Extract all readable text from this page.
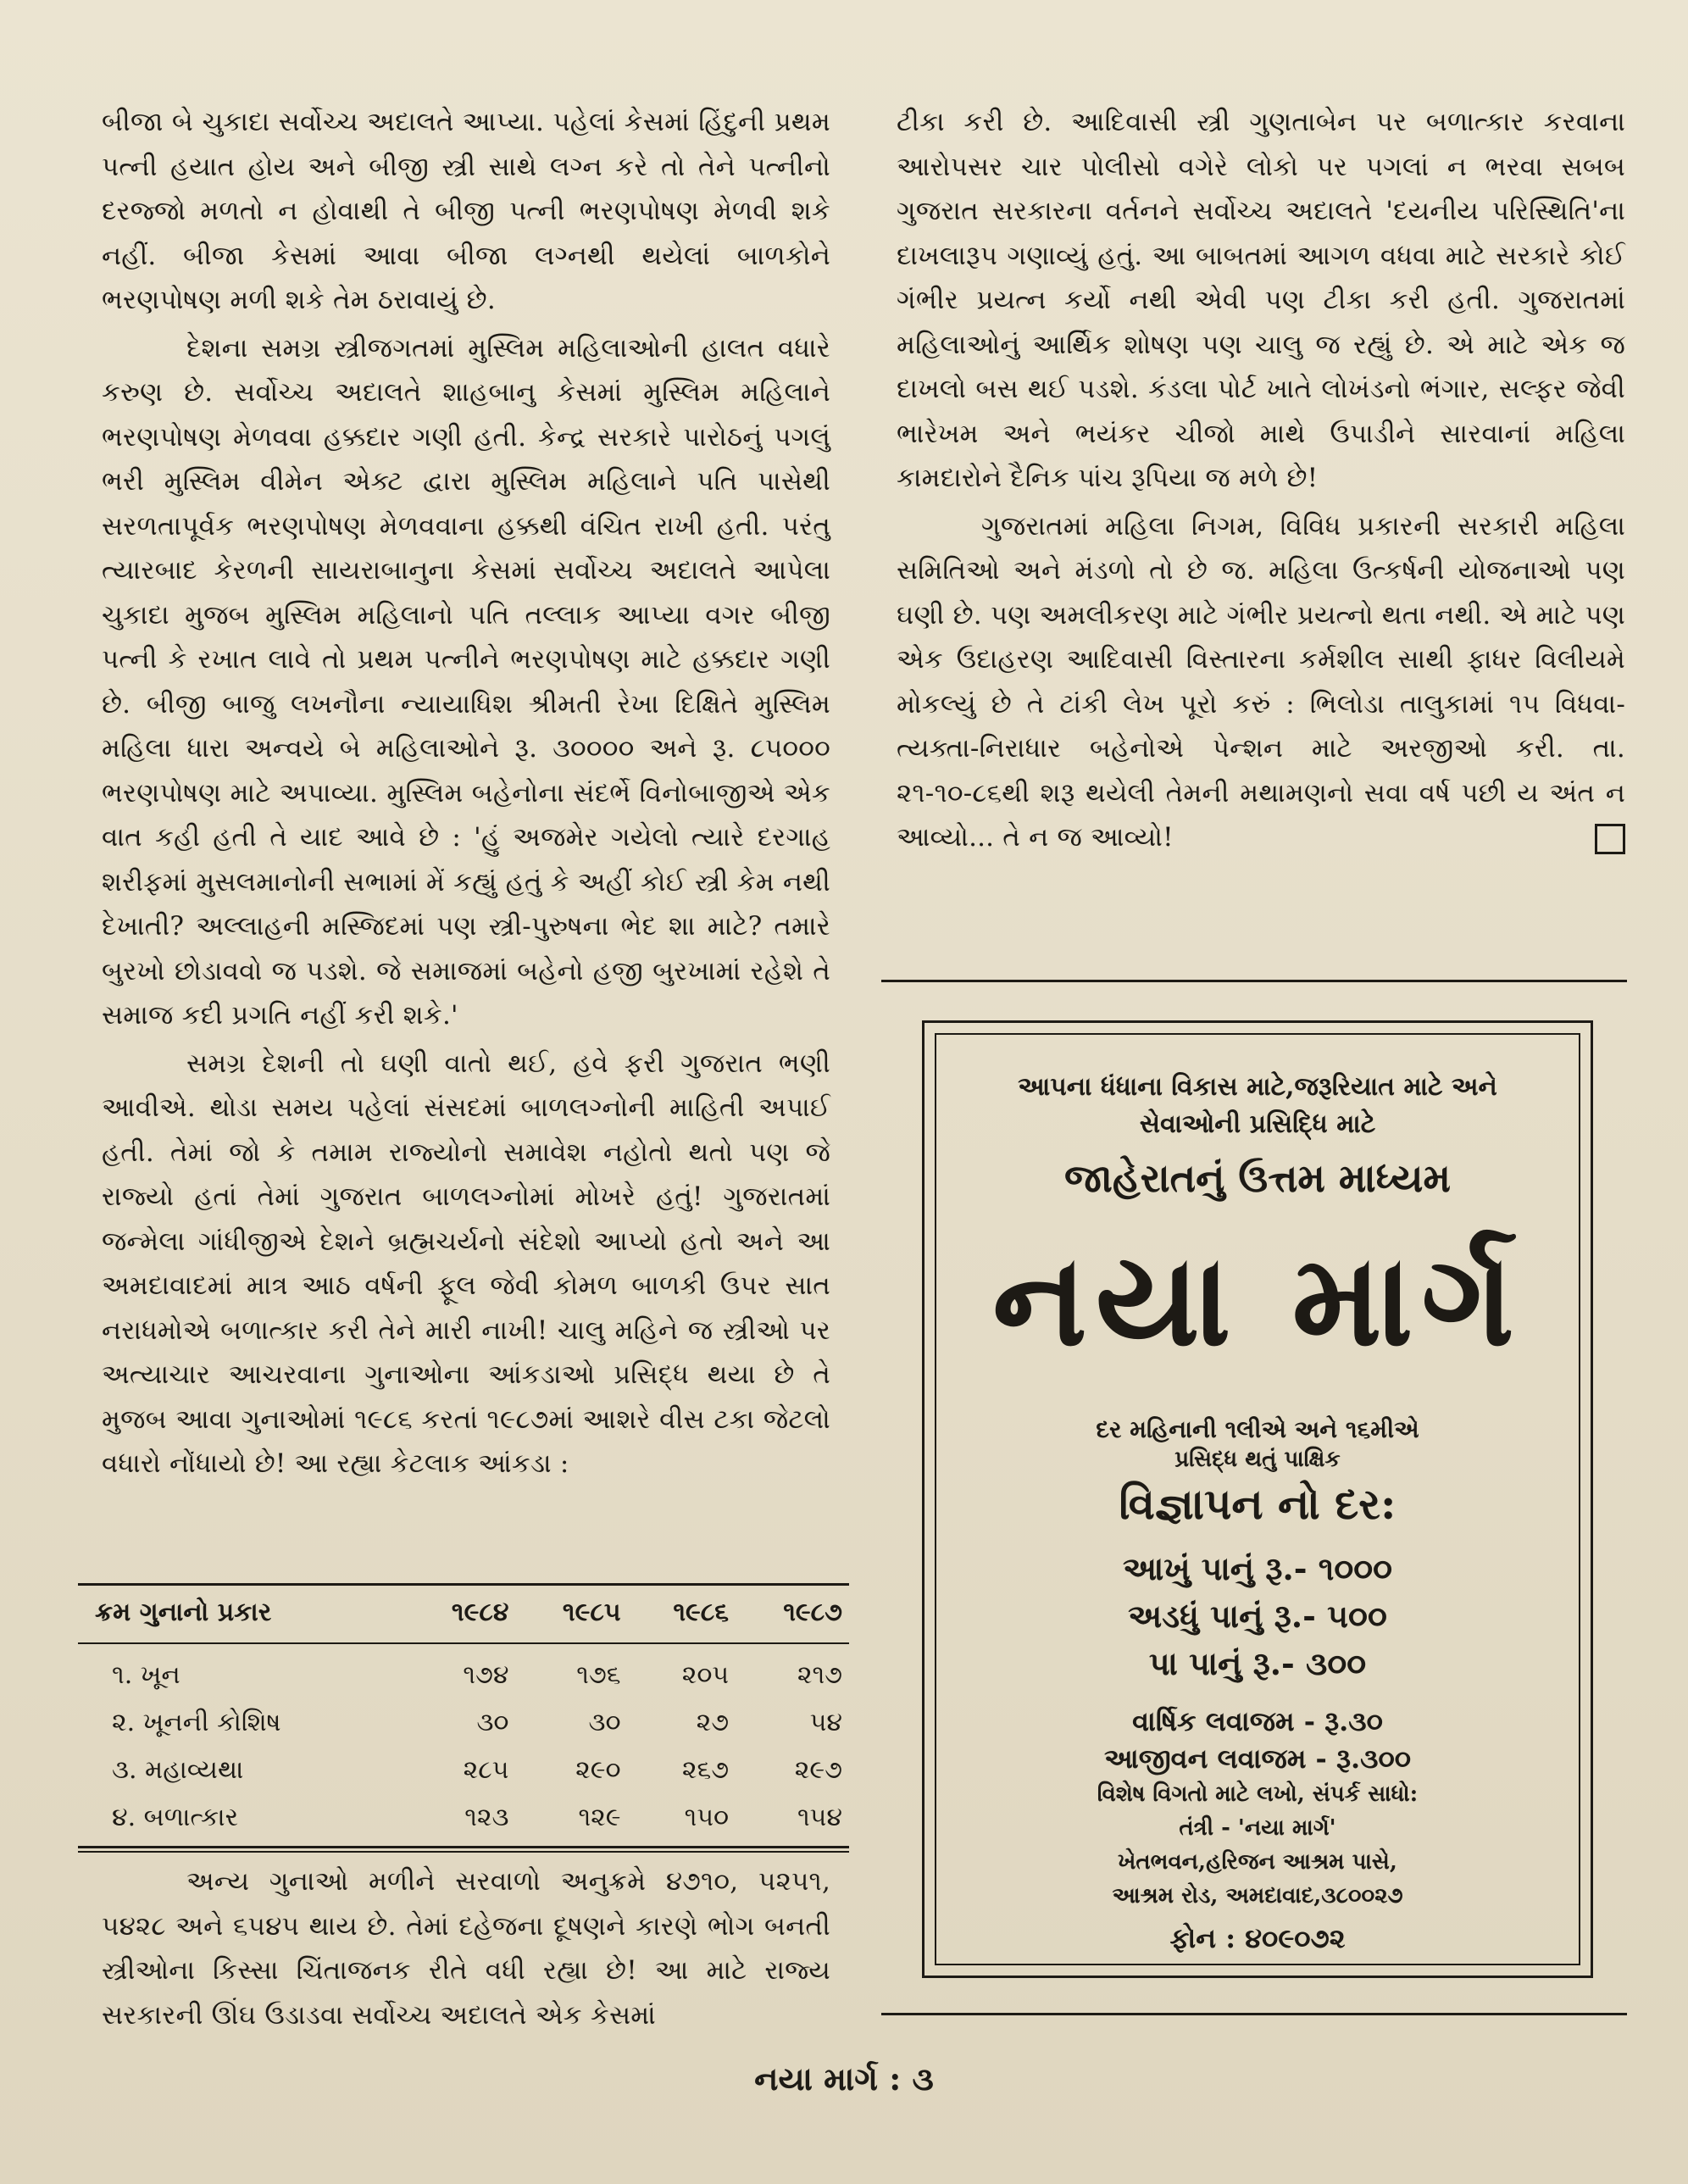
બીજા બે ચુકાદા સર્વોચ્ચ અદાલતે આપ્યા. પહેલાં કેસમાં હિંદુની પ્રથમ પત્ની હયાત હોય અને બીજી સ્ત્રી સાથે લગ્ન કરે તો તેને પત્નીનો દરજ્જો મળતો ન હોવાથી તે બીજી પત્ની ભરણપોષણ મેળવી શકે નહીં. બીજા કેસમાં આવા બીજા લગ્નથી થયેલાં બાળકોને ભરણપોષણ મળી શકે તેમ ઠરાવાયું છે.

દેશના સમગ્ર સ્ત્રીજગતમાં મુસ્લિમ મહિલાઓની હાલત વધારે કરુણ છે. સર્વોચ્ચ અદાલતે શાહબાનુ કેસમાં મુસ્લિમ મહિલાને ભરણપોષણ મેળવવા હક્કદાર ગણી હતી. કેન્દ્ર સરકારે પારોઠનું પગલું ભરી મુસ્લિમ વીમેન એક્ટ દ્વારા મુસ્લિમ મહિલાને પતિ પાસેથી સરળતાપૂર્વક ભરણપોષણ મેળવવાના હક્કથી વંચિત રાખી હતી. પરંતુ ત્યારબાદ કેરળની સાયરાબાનુના કેસમાં સર્વોચ્ચ અદાલતે આપેલા ચુકાદા મુજબ મુસ્લિમ મહિલાનો પતિ તલ્લાક આપ્યા વગર બીજી પત્ની કે રખાત લાવે તો પ્રથમ પત્નીને ભરણપોષણ માટે હક્કદાર ગણી છે. બીજી બાજુ લખનૌના ન્યાયાધિશ શ્રીમતી રેખા દિક્ષિતે મુસ્લિમ મહિલા ધારા અન્વયે બે મહિલાઓને રૂ. ૩૦૦૦૦ અને રૂ. ૮૫૦૦૦ ભરણપોષણ માટે અપાવ્યા. મુસ્લિમ બહેનોના સંદર્ભે વિનોબાજીએ એક વાત કહી હતી તે યાદ આવે છે : 'હું અજમેર ગયેલો ત્યારે દરગાહ શરીફમાં મુસલમાનોની સભામાં મેં કહ્યું હતું કે અહીં કોઈ સ્ત્રી કેમ નથી દેખાતી? અલ્લાહની મસ્જિદમાં પણ સ્ત્રી-પુરુષના ભેદ શા માટે? તમારે બુરખો છોડાવવો જ પડશે. જે સમાજમાં બહેનો હજી બુરખામાં રહેશે તે સમાજ કદી પ્રગતિ નહીં કરી શકે.'

સમગ્ર દેશની તો ઘણી વાતો થઈ, હવે ફરી ગુજરાત ભણી આવીએ. થોડા સમય પહેલાં સંસદમાં બાળલગ્નોની માહિતી અપાઈ હતી. તેમાં જો કે તમામ રાજ્યોનો સમાવેશ નહોતો થતો પણ જે રાજ્યો હતાં તેમાં ગુજરાત બાળલગ્નોમાં મોખરે હતું! ગુજરાતમાં જન્મેલા ગાંધીજીએ દેશને બ્રહ્મચર્યનો સંદેશો આપ્યો હતો અને આ અમદાવાદમાં માત્ર આઠ વર્ષની ફૂલ જેવી કોમળ બાળકી ઉપર સાત નરાધમોએ બળાત્કાર કરી તેને મારી નાખી! ચાલુ મહિને જ સ્ત્રીઓ પર અત્યાચાર આચરવાના ગુનાઓના આંકડાઓ પ્રસિદ્ધ થયા છે તે મુજબ આવા ગુનાઓમાં ૧૯૮૬ કરતાં ૧૯૮૭માં આશરે વીસ ટકા જેટલો વધારો નોંધાયો છે! આ રહ્યા કેટલાક આંકડા :

ક્રમ ગુનાનો પ્રકાર	૧૯૮૪	૧૯૮૫	૧૯૮૬	૧૯૮૭
૧. ખૂન	૧૭૪	૧૭૬	૨૦૫	૨૧૭
૨. ખૂનની કોશિષ	૩૦	૩૦	૨૭	૫૪
૩. મહાવ્યથા	૨૮૫	૨૯૦	૨૬૭	૨૯૭
૪. બળાત્કાર	૧૨૩	૧૨૯	૧૫૦	૧૫૪

અન્ય ગુનાઓ મળીને સરવાળો અનુક્રમે ૪૭૧૦, ૫૨૫૧, ૫૪૨૮ અને ૬૫૪૫ થાય છે. તેમાં દહેજના દૂષણને કારણે ભોગ બનતી સ્ત્રીઓના કિસ્સા ચિંતાજનક રીતે વધી રહ્યા છે! આ માટે રાજ્ય સરકારની ઊંઘ ઉડાડવા સર્વોચ્ચ અદાલતે એક કેસમાં

ટીકા કરી છે. આદિવાસી સ્ત્રી ગુણતાબેન પર બળાત્કાર કરવાના આરોપસર ચાર પોલીસો વગેરે લોકો પર પગલાં ન ભરવા સબબ ગુજરાત સરકારના વર્તનને સર્વોચ્ચ અદાલતે 'દયનીય પરિસ્થિતિ'ના દાખલારૂપ ગણાવ્યું હતું. આ બાબતમાં આગળ વધવા માટે સરકારે કોઈ ગંભીર પ્રયત્ન કર્યો નથી એવી પણ ટીકા કરી હતી. ગુજરાતમાં મહિલાઓનું આર્થિક શોષણ પણ ચાલુ જ રહ્યું છે. એ માટે એક જ દાખલો બસ થઈ પડશે. કંડલા પોર્ટ ખાતે લોખંડનો ભંગાર, સલ્ફર જેવી ભારેખમ અને ભયંકર ચીજો માથે ઉપાડીને સારવાનાં મહિલા કામદારોને દૈનિક પાંચ રૂપિયા જ મળે છે!

ગુજરાતમાં મહિલા નિગમ, વિવિધ પ્રકારની સરકારી મહિલા સમિતિઓ અને મંડળો તો છે જ. મહિલા ઉત્કર્ષની યોજનાઓ પણ ઘણી છે. પણ અમલીકરણ માટે ગંભીર પ્રયત્નો થતા નથી. એ માટે પણ એક ઉદાહરણ આદિવાસી વિસ્તારના કર્મશીલ સાથી ફાધર વિલીયમે મોકલ્યું છે તે ટાંકી લેખ પૂરો કરું : ભિલોડા તાલુકામાં ૧૫ વિધવા-ત્યક્તા-નિરાધાર બહેનોએ પેન્શન માટે અરજીઓ કરી. તા. ૨૧-૧૦-૮૬થી શરૂ થયેલી તેમની મથામણનો સવા વર્ષ પછી ય અંત ન આવ્યો... તે ન જ આવ્યો!

આપના ધંધાના વિકાસ માટે,જરૂરિયાત માટે અને

સેવાઓની પ્રસિદ્ધિ માટે

જાહેરાતનું ઉત્તમ માધ્યમ

નયા માર્ગ

દર મહિનાની ૧લીએ અને ૧૬મીએ

પ્રસિદ્ધ થતું પાક્ષિક

વિજ્ઞાપન નો દર:

આખું પાનું રૂ.- ૧૦૦૦

અડધું પાનું રૂ.- ૫૦૦

પા પાનું રૂ.- ૩૦૦

વાર્ષિક લવાજમ - રૂ.૩૦

આજીવન લવાજમ - રૂ.૩૦૦

વિશેષ વિગતો માટે લખો, સંપર્ક સાધો:

તંત્રી - 'નયા માર્ગ'

ખેતભવન,હરિજન આશ્રમ પાસે,

આશ્રમ રોડ, અમદાવાદ,૩૮૦૦૨૭

ફોન : ૪૦૯૦૭૨

નયા માર્ગ : ૩
